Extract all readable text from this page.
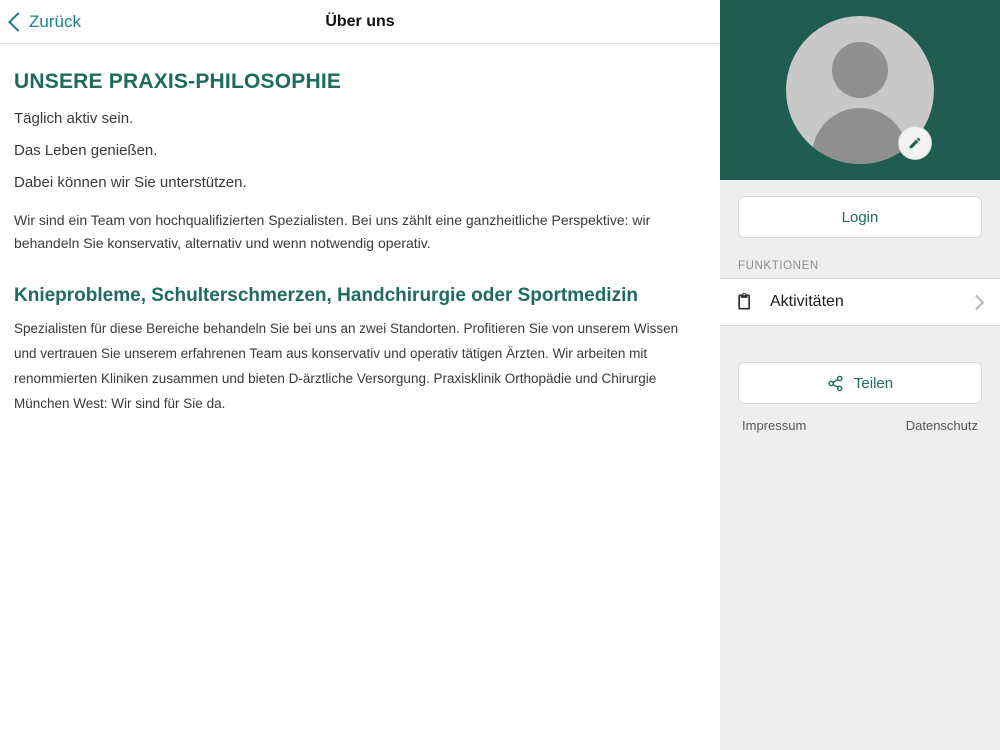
Zurück	Über uns
UNSERE PRAXIS-PHILOSOPHIE

Täglich aktiv sein.

Das Leben genießen.

Dabei können wir Sie unterstützen.

Wir sind ein Team von hochqualifizierten Spezialisten. Bei uns zählt eine ganzheitliche Perspektive: wir behandeln Sie konservativ, alternativ und wenn notwendig operativ.

Knieprobleme, Schulterschmerzen, Handchirurgie oder Sportmedizin

Spezialisten für diese Bereiche behandeln Sie bei uns an zwei Standorten. Profitieren Sie von unserem Wissen und vertrauen Sie unserem erfahrenen Team aus konservativ und operativ tätigen Ärzten. Wir arbeiten mit renommierten Kliniken zusammen und bieten D-ärztliche Versorgung. Praxisklinik Orthopädie und Chirurgie München West: Wir sind für Sie da.

Login
FUNKTIONEN
Aktivitäten
Teilen
Impressum	Datenschutz
